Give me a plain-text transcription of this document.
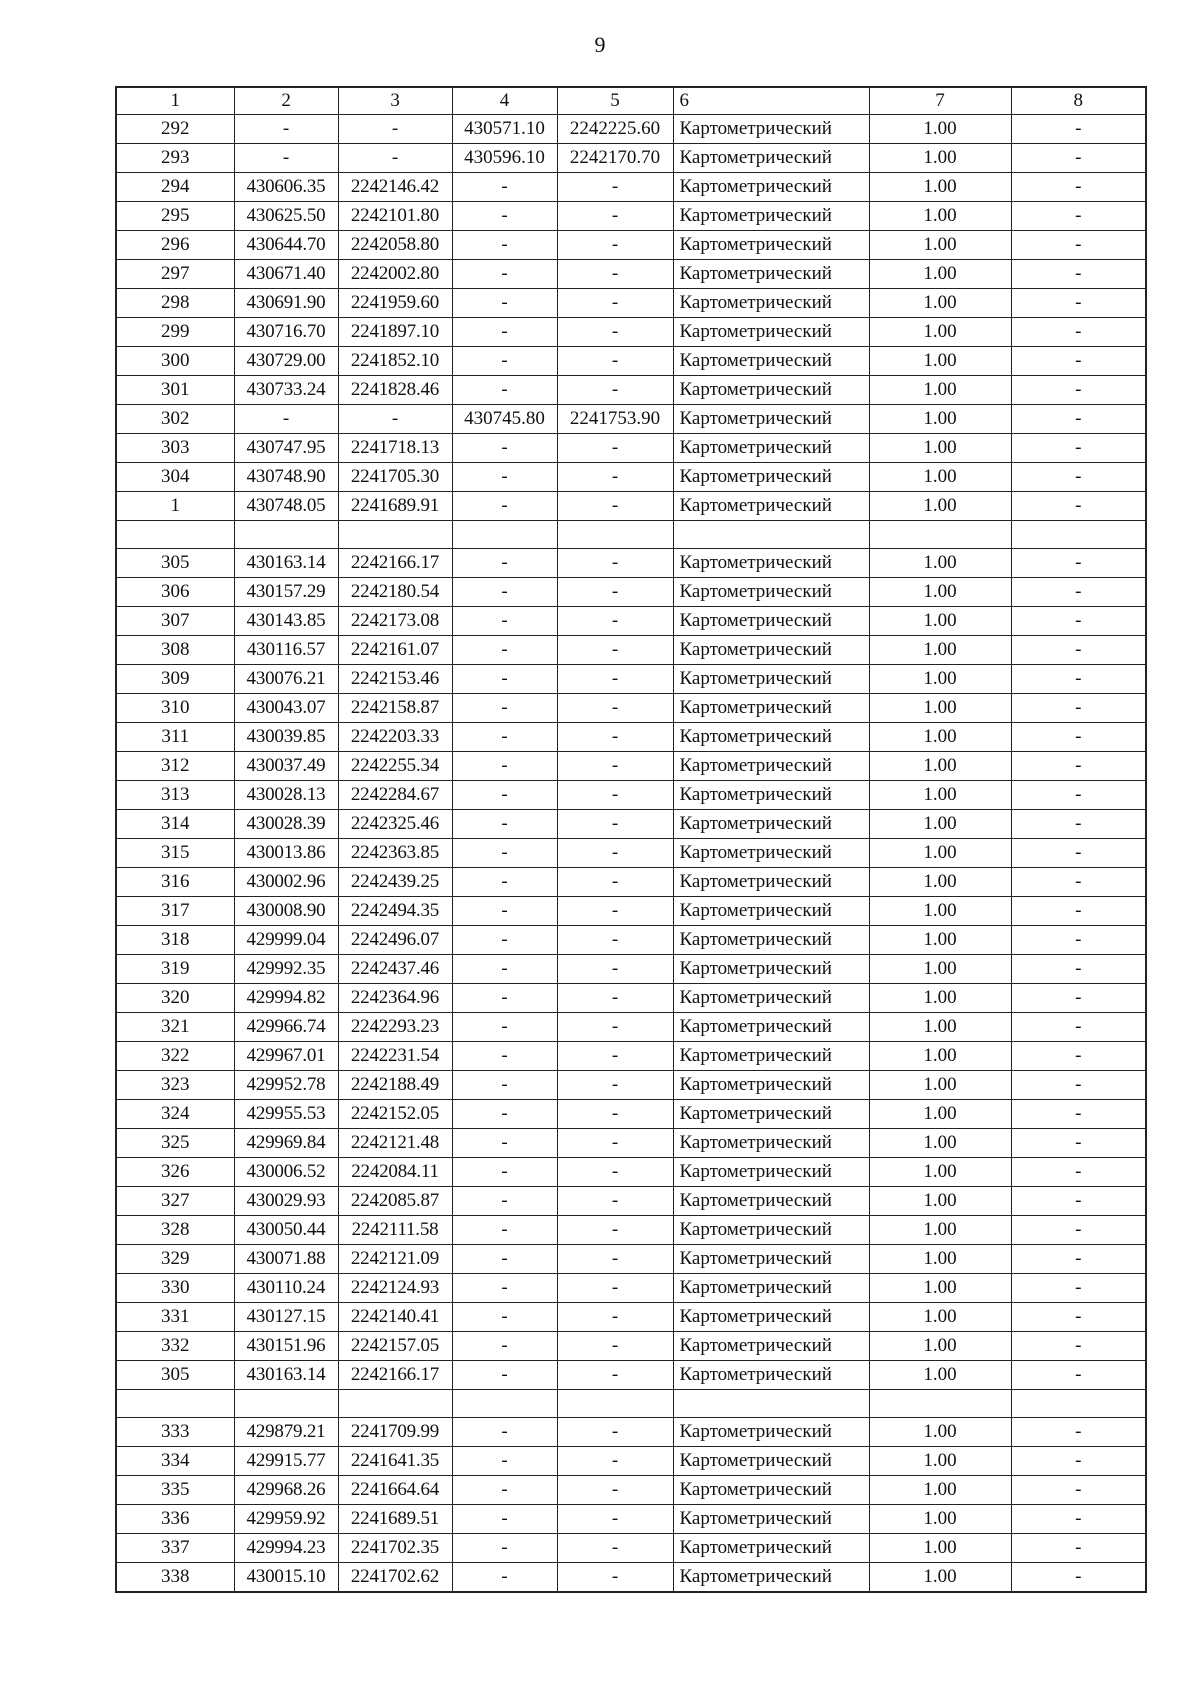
9
1	2	3	4	5	6	7	8
292	-	-	430571.10	2242225.60	Картометрический	1.00	-
293	-	-	430596.10	2242170.70	Картометрический	1.00	-
294	430606.35	2242146.42	-	-	Картометрический	1.00	-
295	430625.50	2242101.80	-	-	Картометрический	1.00	-
296	430644.70	2242058.80	-	-	Картометрический	1.00	-
297	430671.40	2242002.80	-	-	Картометрический	1.00	-
298	430691.90	2241959.60	-	-	Картометрический	1.00	-
299	430716.70	2241897.10	-	-	Картометрический	1.00	-
300	430729.00	2241852.10	-	-	Картометрический	1.00	-
301	430733.24	2241828.46	-	-	Картометрический	1.00	-
302	-	-	430745.80	2241753.90	Картометрический	1.00	-
303	430747.95	2241718.13	-	-	Картометрический	1.00	-
304	430748.90	2241705.30	-	-	Картометрический	1.00	-
1	430748.05	2241689.91	-	-	Картометрический	1.00	-

305	430163.14	2242166.17	-	-	Картометрический	1.00	-
306	430157.29	2242180.54	-	-	Картометрический	1.00	-
307	430143.85	2242173.08	-	-	Картометрический	1.00	-
308	430116.57	2242161.07	-	-	Картометрический	1.00	-
309	430076.21	2242153.46	-	-	Картометрический	1.00	-
310	430043.07	2242158.87	-	-	Картометрический	1.00	-
311	430039.85	2242203.33	-	-	Картометрический	1.00	-
312	430037.49	2242255.34	-	-	Картометрический	1.00	-
313	430028.13	2242284.67	-	-	Картометрический	1.00	-
314	430028.39	2242325.46	-	-	Картометрический	1.00	-
315	430013.86	2242363.85	-	-	Картометрический	1.00	-
316	430002.96	2242439.25	-	-	Картометрический	1.00	-
317	430008.90	2242494.35	-	-	Картометрический	1.00	-
318	429999.04	2242496.07	-	-	Картометрический	1.00	-
319	429992.35	2242437.46	-	-	Картометрический	1.00	-
320	429994.82	2242364.96	-	-	Картометрический	1.00	-
321	429966.74	2242293.23	-	-	Картометрический	1.00	-
322	429967.01	2242231.54	-	-	Картометрический	1.00	-
323	429952.78	2242188.49	-	-	Картометрический	1.00	-
324	429955.53	2242152.05	-	-	Картометрический	1.00	-
325	429969.84	2242121.48	-	-	Картометрический	1.00	-
326	430006.52	2242084.11	-	-	Картометрический	1.00	-
327	430029.93	2242085.87	-	-	Картометрический	1.00	-
328	430050.44	2242111.58	-	-	Картометрический	1.00	-
329	430071.88	2242121.09	-	-	Картометрический	1.00	-
330	430110.24	2242124.93	-	-	Картометрический	1.00	-
331	430127.15	2242140.41	-	-	Картометрический	1.00	-
332	430151.96	2242157.05	-	-	Картометрический	1.00	-
305	430163.14	2242166.17	-	-	Картометрический	1.00	-

333	429879.21	2241709.99	-	-	Картометрический	1.00	-
334	429915.77	2241641.35	-	-	Картометрический	1.00	-
335	429968.26	2241664.64	-	-	Картометрический	1.00	-
336	429959.92	2241689.51	-	-	Картометрический	1.00	-
337	429994.23	2241702.35	-	-	Картометрический	1.00	-
338	430015.10	2241702.62	-	-	Картометрический	1.00	-
